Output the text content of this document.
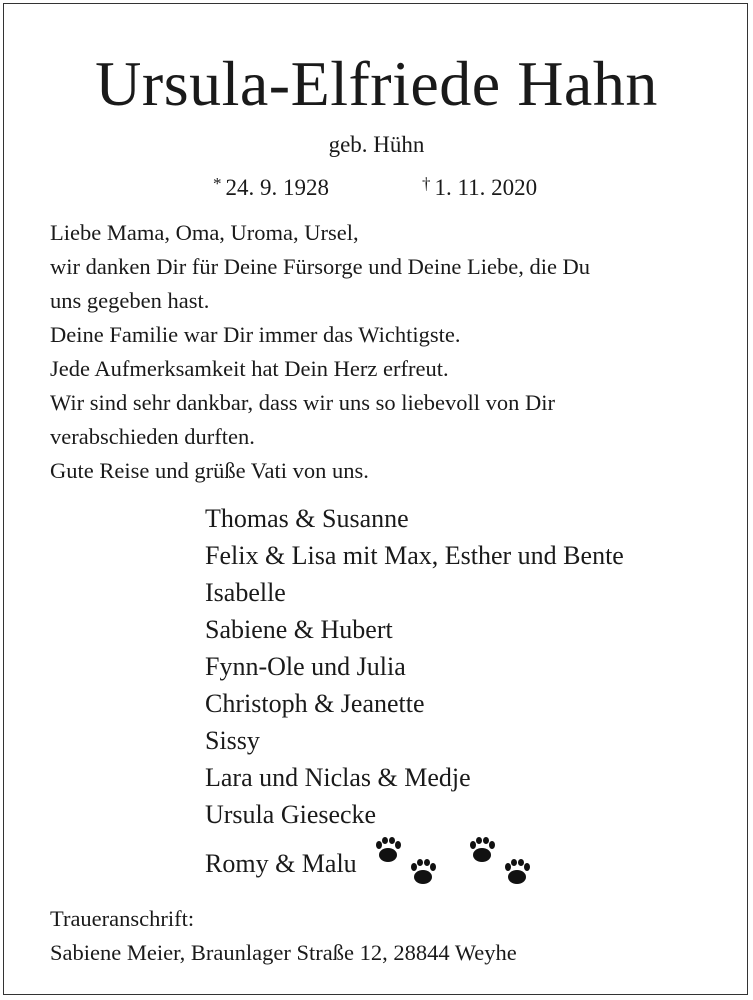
Ursula-Elfriede Hahn
geb. Hühn
* 24. 9. 1928	† 1. 11. 2020
Liebe Mama, Oma, Uroma, Ursel,
wir danken Dir für Deine Fürsorge und Deine Liebe, die Du
uns gegeben hast.
Deine Familie war Dir immer das Wichtigste.
Jede Aufmerksamkeit hat Dein Herz erfreut.
Wir sind sehr dankbar, dass wir uns so liebevoll von Dir
verabschieden durften.
Gute Reise und grüße Vati von uns.
Thomas & Susanne
Felix & Lisa mit Max, Esther und Bente
Isabelle
Sabiene & Hubert
Fynn-Ole und Julia
Christoph & Jeanette
Sissy
Lara und Niclas & Medje
Ursula Giesecke
Romy & Malu
Traueranschrift:
Sabiene Meier, Braunlager Straße 12, 28844 Weyhe
